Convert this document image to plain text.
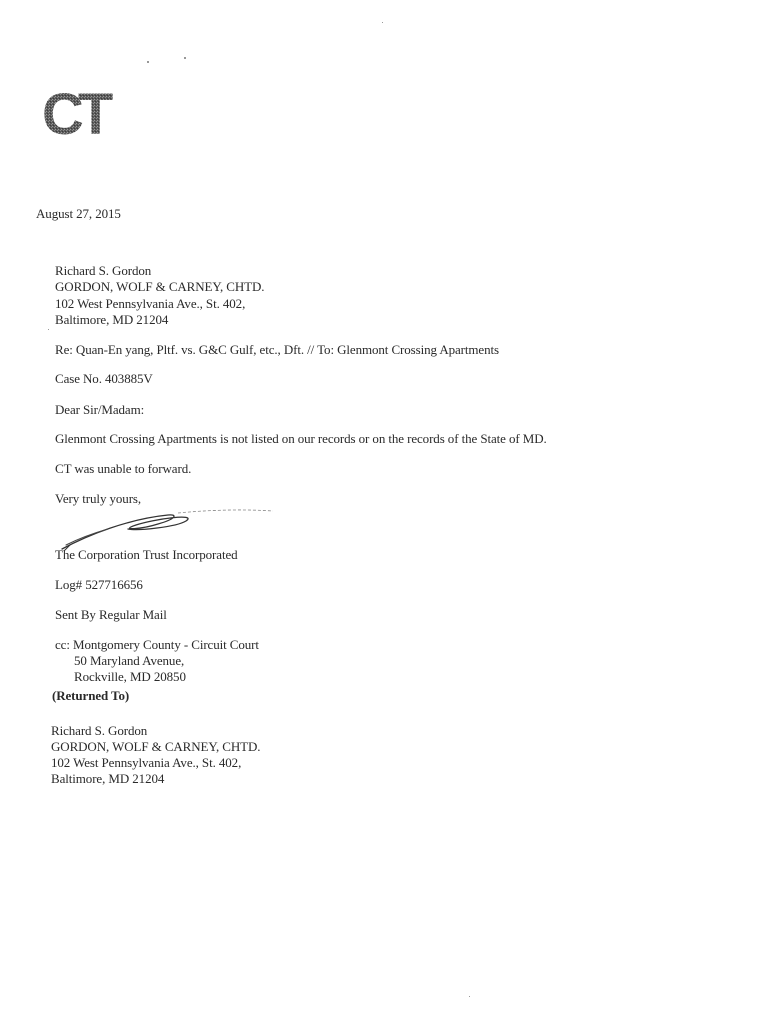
CT
August 27, 2015
Richard S. Gordon
GORDON, WOLF & CARNEY, CHTD.
102 West Pennsylvania Ave., St. 402,
Baltimore, MD 21204
Re: Quan-En yang, Pltf. vs. G&C Gulf, etc., Dft. // To: Glenmont Crossing Apartments
Case No. 403885V
Dear Sir/Madam:
Glenmont Crossing Apartments is not listed on our records or on the records of the State of MD.
CT was unable to forward.
Very truly yours,
The Corporation Trust Incorporated
Log# 527716656
Sent By Regular Mail
cc: Montgomery County - Circuit Court
50 Maryland Avenue,
Rockville, MD 20850
(Returned To)
Richard S. Gordon
GORDON, WOLF & CARNEY, CHTD.
102 West Pennsylvania Ave., St. 402,
Baltimore, MD 21204
